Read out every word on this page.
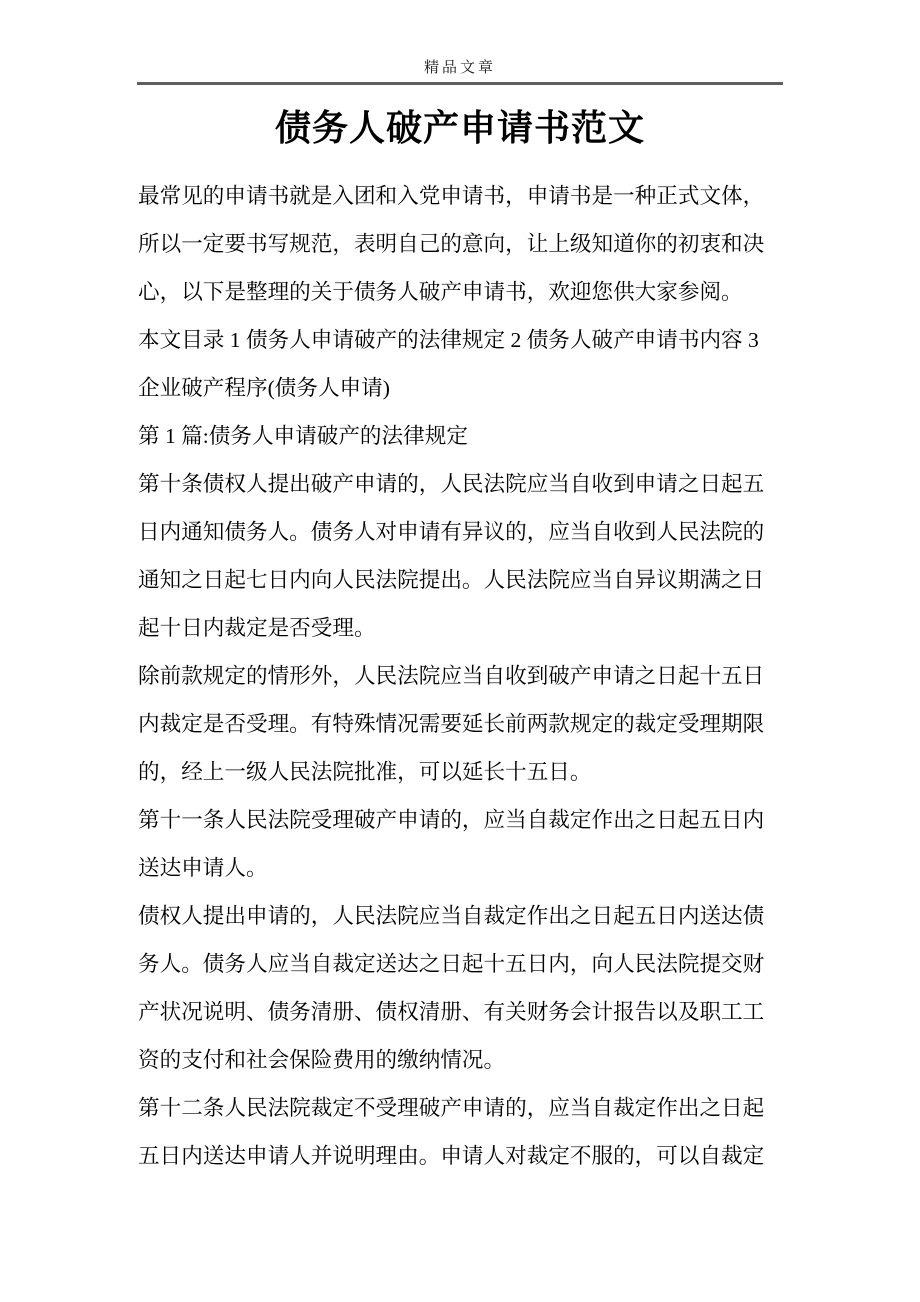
精品文章
债务人破产申请书范文
最常见的申请书就是入团和入党申请书，申请书是一种正式文体，
所以一定要书写规范，表明自己的意向，让上级知道你的初衷和决
心，以下是整理的关于债务人破产申请书，欢迎您供大家参阅。
本文目录 1 债务人申请破产的法律规定 2 债务人破产申请书内容 3
企业破产程序(债务人申请)
第 1 篇:债务人申请破产的法律规定
第十条债权人提出破产申请的，人民法院应当自收到申请之日起五
日内通知债务人。债务人对申请有异议的，应当自收到人民法院的
通知之日起七日内向人民法院提出。人民法院应当自异议期满之日
起十日内裁定是否受理。
除前款规定的情形外，人民法院应当自收到破产申请之日起十五日
内裁定是否受理。有特殊情况需要延长前两款规定的裁定受理期限
的，经上一级人民法院批准，可以延长十五日。
第十一条人民法院受理破产申请的，应当自裁定作出之日起五日内
送达申请人。
债权人提出申请的，人民法院应当自裁定作出之日起五日内送达债
务人。债务人应当自裁定送达之日起十五日内，向人民法院提交财
产状况说明、债务清册、债权清册、有关财务会计报告以及职工工
资的支付和社会保险费用的缴纳情况。
第十二条人民法院裁定不受理破产申请的，应当自裁定作出之日起
五日内送达申请人并说明理由。申请人对裁定不服的，可以自裁定
